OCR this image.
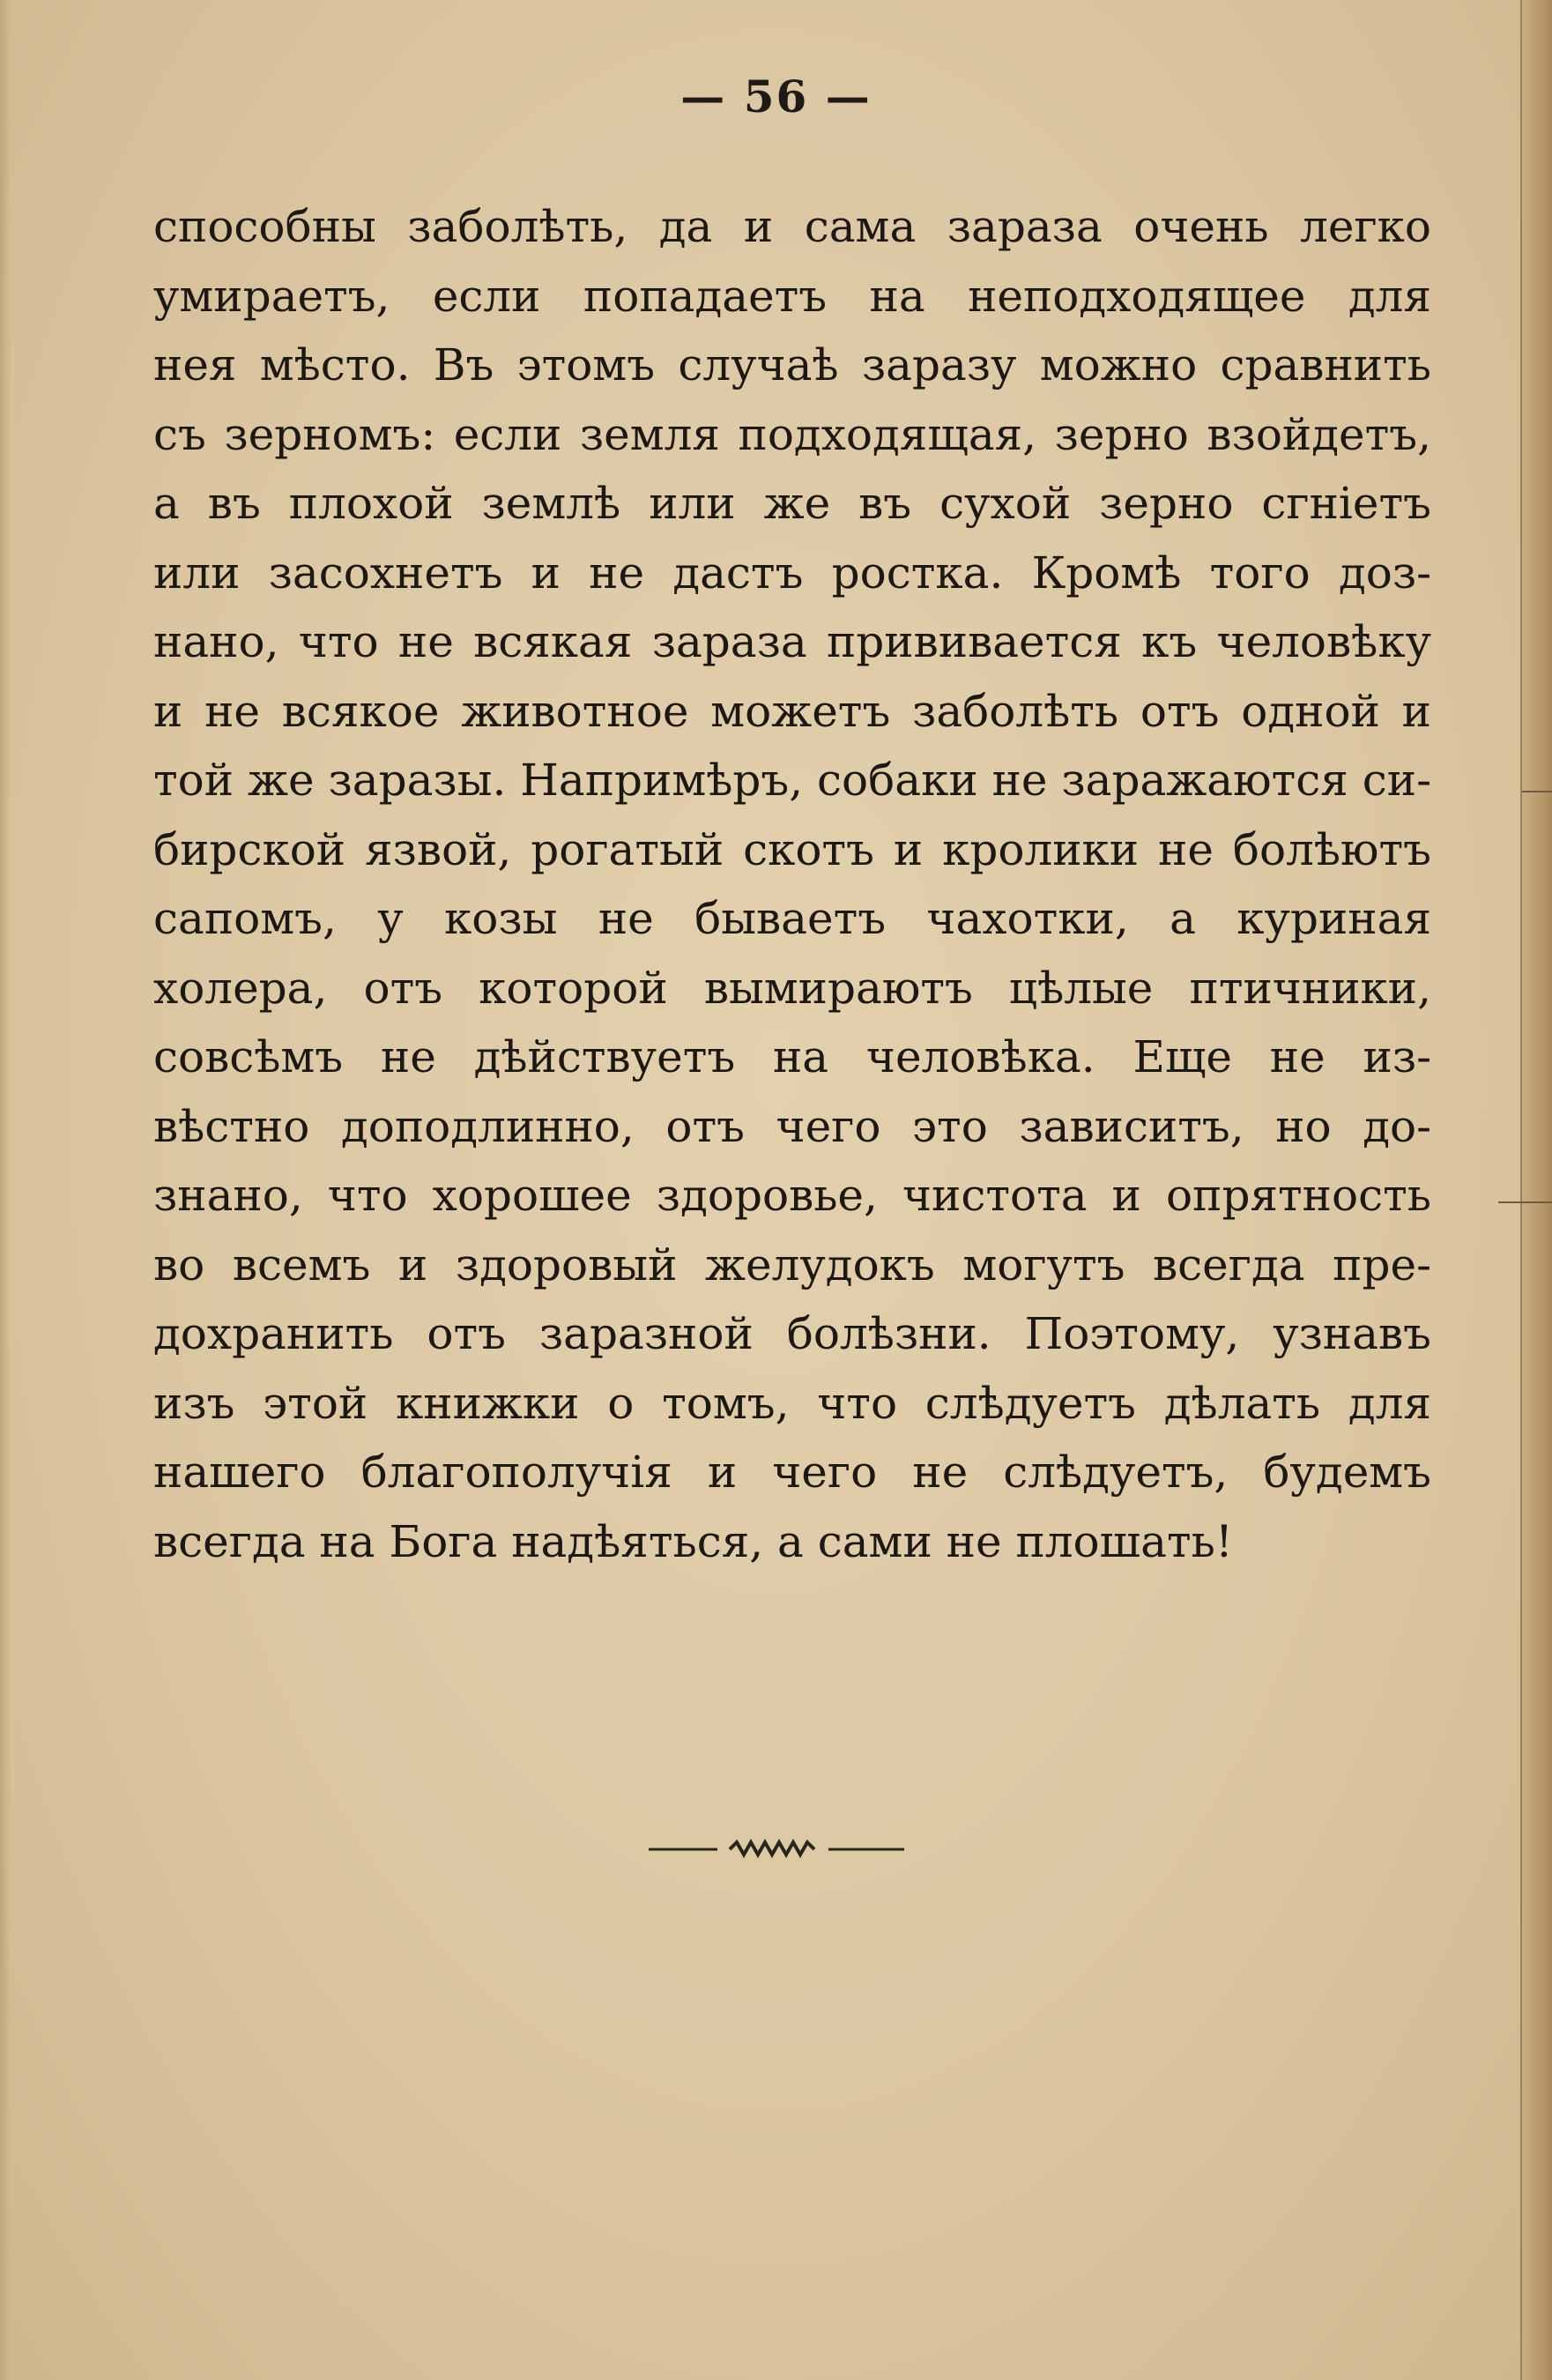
— 56 —
способны заболѣть, да и сама зараза очень легко
умираетъ, если попадаетъ на неподходящее для
нея мѣсто. Въ этомъ случаѣ заразу можно сравнить
съ зерномъ: если земля подходящая, зерно взойдетъ,
а въ плохой землѣ или же въ сухой зерно сгніетъ
или засохнетъ и не дастъ ростка. Кромѣ того доз-
нано, что не всякая зараза прививается къ человѣку
и не всякое животное можетъ заболѣть отъ одной и
той же заразы. Напримѣръ, собаки не заражаются си-
бирской язвой, рогатый скотъ и кролики не болѣютъ
сапомъ, у козы не бываетъ чахотки, а куриная
холера, отъ которой вымираютъ цѣлые птичники,
совсѣмъ не дѣйствуетъ на человѣка. Еще не из-
вѣстно доподлинно, отъ чего это зависитъ, но до-
знано, что хорошее здоровье, чистота и опрятность
во всемъ и здоровый желудокъ могутъ всегда пре-
дохранить отъ заразной болѣзни. Поэтому, узнавъ
изъ этой книжки о томъ, что слѣдуетъ дѣлать для
нашего благополучія и чего не слѣдуетъ, будемъ
всегда на Бога надѣяться, а сами не плошать!
